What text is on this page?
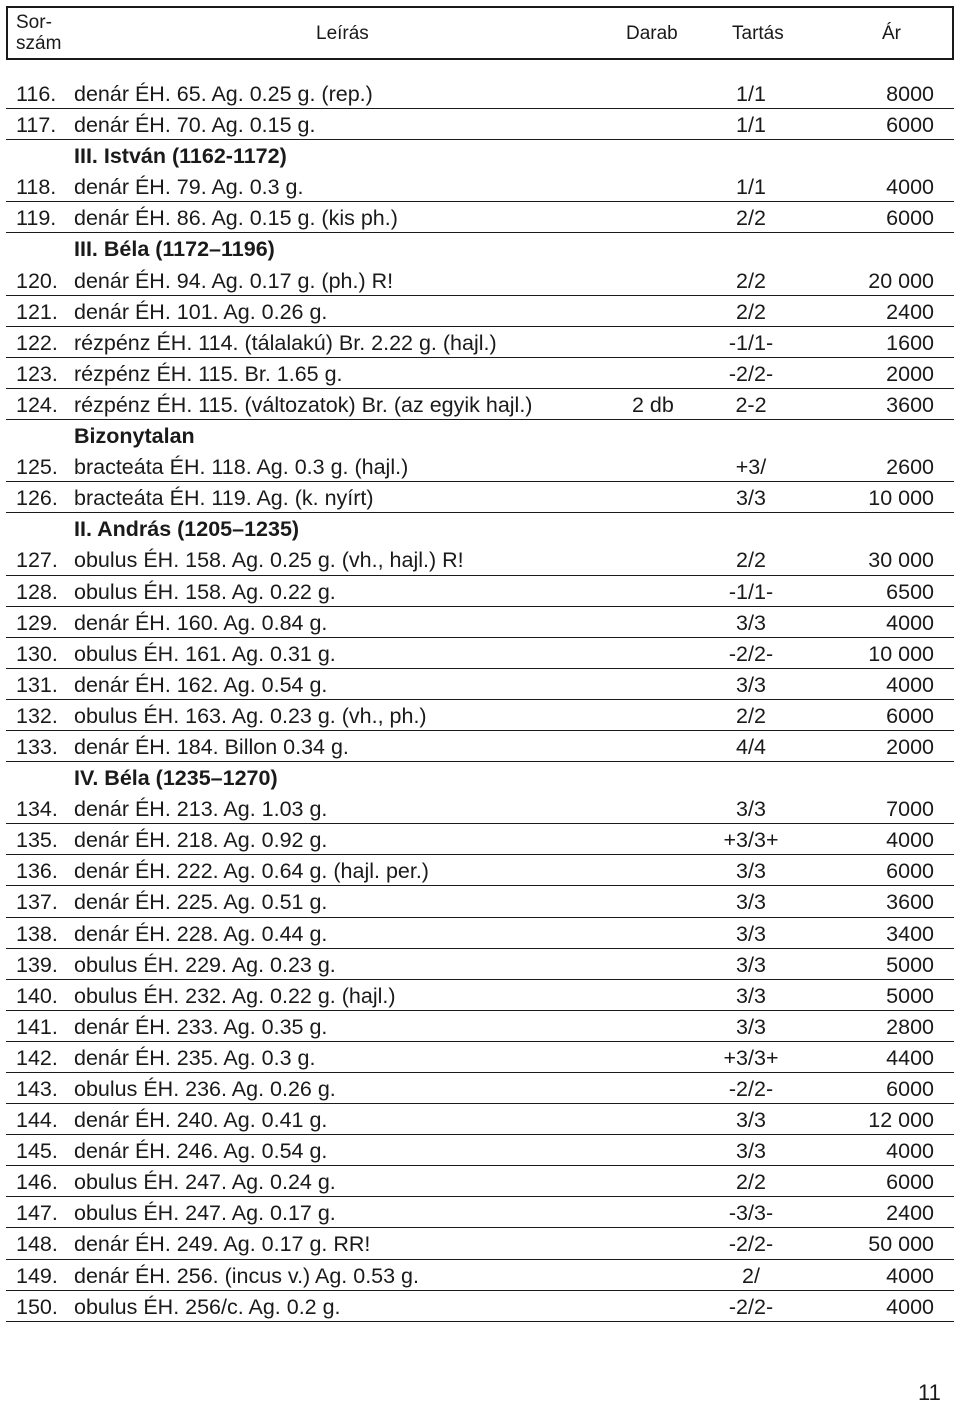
Sor-
szám	Leírás	Darab	Tartás	Ár
116. denár ÉH. 65. Ag. 0.25 g. (rep.)	1/1	8000
117. denár ÉH. 70. Ag. 0.15 g.	1/1	6000
III. István (1162-1172)
118. denár ÉH. 79. Ag. 0.3 g.	1/1	4000
119. denár ÉH. 86. Ag. 0.15 g. (kis ph.)	2/2	6000
III. Béla (1172–1196)
120. denár ÉH. 94. Ag. 0.17 g. (ph.) R!	2/2	20 000
121. denár ÉH. 101. Ag. 0.26 g.	2/2	2400
122. rézpénz ÉH. 114. (tálalakú) Br. 2.22 g. (hajl.)	-1/1-	1600
123. rézpénz ÉH. 115. Br. 1.65 g.	-2/2-	2000
124. rézpénz ÉH. 115. (változatok) Br. (az egyik hajl.)	2 db	2-2	3600
Bizonytalan
125. bracteáta ÉH. 118. Ag. 0.3 g. (hajl.)	+3/	2600
126. bracteáta ÉH. 119. Ag. (k. nyírt)	3/3	10 000
II. András (1205–1235)
127. obulus ÉH. 158. Ag. 0.25 g. (vh., hajl.) R!	2/2	30 000
128. obulus ÉH. 158. Ag. 0.22 g.	-1/1-	6500
129. denár ÉH. 160. Ag. 0.84 g.	3/3	4000
130. obulus ÉH. 161. Ag. 0.31 g.	-2/2-	10 000
131. denár ÉH. 162. Ag. 0.54 g.	3/3	4000
132. obulus ÉH. 163. Ag. 0.23 g. (vh., ph.)	2/2	6000
133. denár ÉH. 184. Billon 0.34 g.	4/4	2000
IV. Béla (1235–1270)
134. denár ÉH. 213. Ag. 1.03 g.	3/3	7000
135. denár ÉH. 218. Ag. 0.92 g.	+3/3+	4000
136. denár ÉH. 222. Ag. 0.64 g. (hajl. per.)	3/3	6000
137. denár ÉH. 225. Ag. 0.51 g.	3/3	3600
138. denár ÉH. 228. Ag. 0.44 g.	3/3	3400
139. obulus ÉH. 229. Ag. 0.23 g.	3/3	5000
140. obulus ÉH. 232. Ag. 0.22 g. (hajl.)	3/3	5000
141. denár ÉH. 233. Ag. 0.35 g.	3/3	2800
142. denár ÉH. 235. Ag. 0.3 g.	+3/3+	4400
143. obulus ÉH. 236. Ag. 0.26 g.	-2/2-	6000
144. denár ÉH. 240. Ag. 0.41 g.	3/3	12 000
145. denár ÉH. 246. Ag. 0.54 g.	3/3	4000
146. obulus ÉH. 247. Ag. 0.24 g.	2/2	6000
147. obulus ÉH. 247. Ag. 0.17 g.	-3/3-	2400
148. denár ÉH. 249. Ag. 0.17 g. RR!	-2/2-	50 000
149. denár ÉH. 256. (incus v.) Ag. 0.53 g.	2/	4000
150. obulus ÉH. 256/c. Ag. 0.2 g.	-2/2-	4000
11
